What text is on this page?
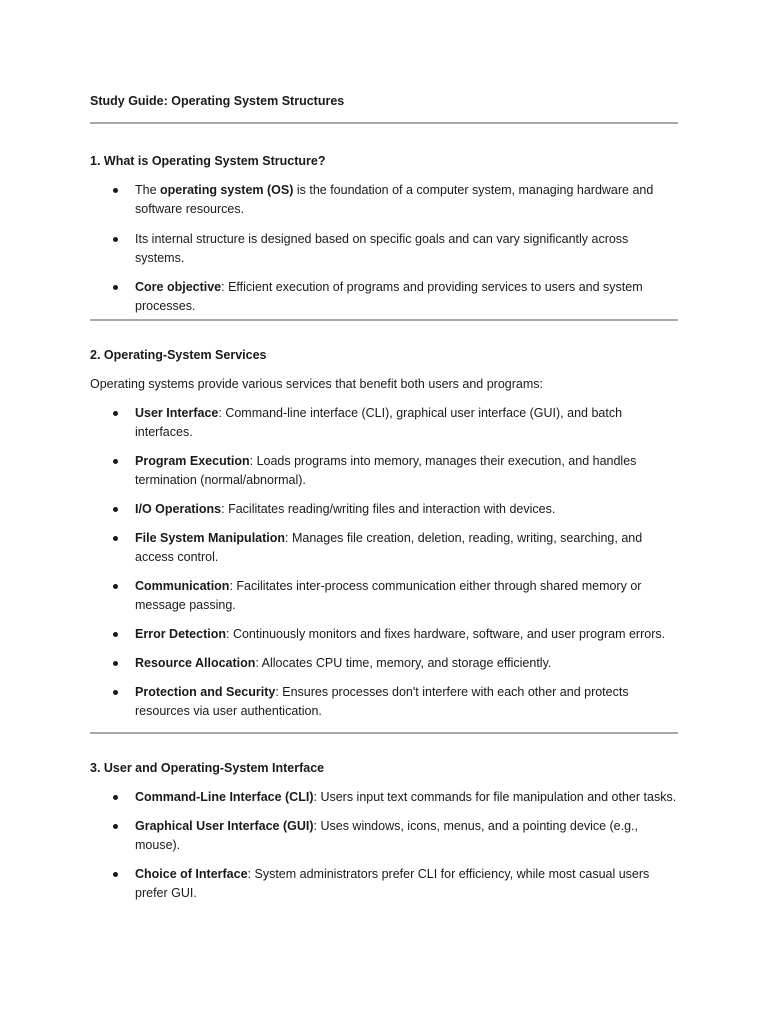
Study Guide: Operating System Structures

1. What is Operating System Structure?

The operating system (OS) is the foundation of a computer system, managing hardware and software resources.
Its internal structure is designed based on specific goals and can vary significantly across systems.
Core objective: Efficient execution of programs and providing services to users and system processes.

2. Operating-System Services

Operating systems provide various services that benefit both users and programs:

User Interface: Command-line interface (CLI), graphical user interface (GUI), and batch interfaces.
Program Execution: Loads programs into memory, manages their execution, and handles termination (normal/abnormal).
I/O Operations: Facilitates reading/writing files and interaction with devices.
File System Manipulation: Manages file creation, deletion, reading, writing, searching, and access control.
Communication: Facilitates inter-process communication either through shared memory or message passing.
Error Detection: Continuously monitors and fixes hardware, software, and user program errors.
Resource Allocation: Allocates CPU time, memory, and storage efficiently.
Protection and Security: Ensures processes don't interfere with each other and protects resources via user authentication.

3. User and Operating-System Interface

Command-Line Interface (CLI): Users input text commands for file manipulation and other tasks.
Graphical User Interface (GUI): Uses windows, icons, menus, and a pointing device (e.g., mouse).
Choice of Interface: System administrators prefer CLI for efficiency, while most casual users prefer GUI.
